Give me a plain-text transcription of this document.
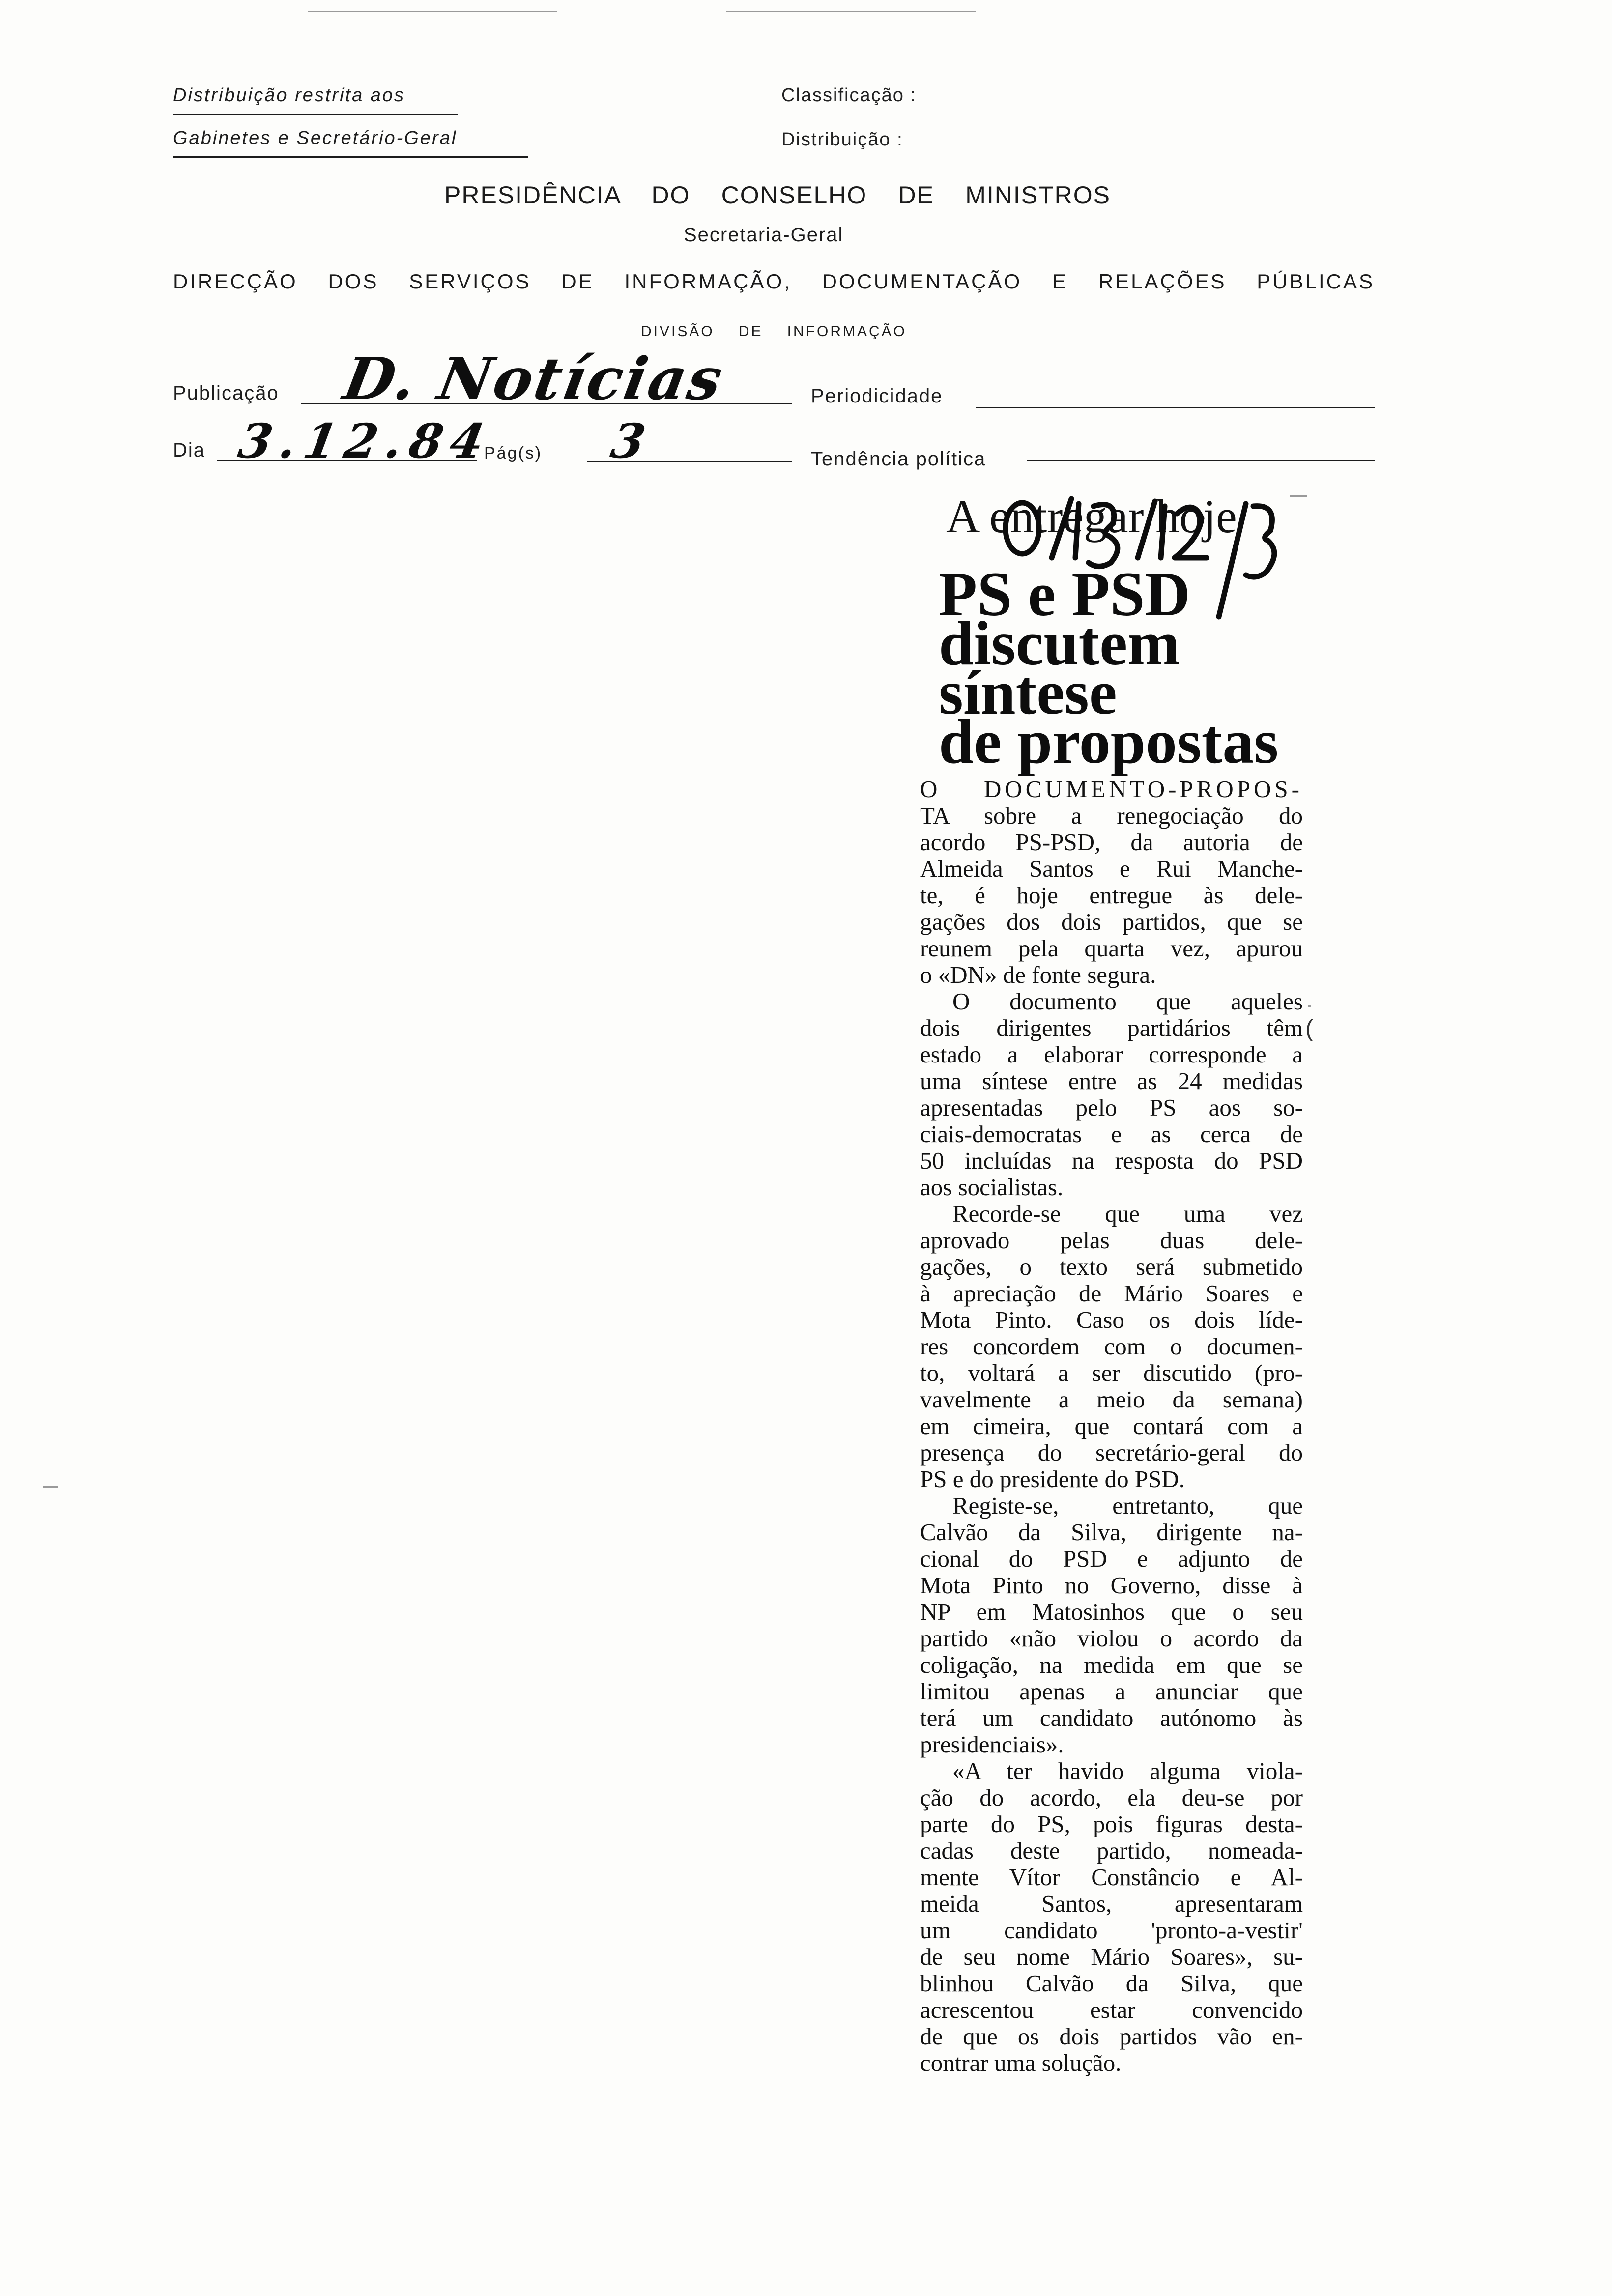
Distribuição restrita aos
Gabinetes e Secretário-Geral
Classificação :
Distribuição :
PRESIDÊNCIA DO CONSELHO DE MINISTROS
Secretaria-Geral
DIRECÇÃO DOS SERVIÇOS DE INFORMAÇÃO, DOCUMENTAÇÃO E RELAÇÕES PÚBLICAS
DIVISÃO DE INFORMAÇÃO
Publicação D. Notícias	Periodicidade
Dia 3.12.84
Pág(s) 3	Tendência política
(
A entregar hoje
PS e PSD
discutem
síntese
de propostas
O DOCUMENTO-PROPOS-
TA sobre a renegociação do
acordo PS-PSD, da autoria de
Almeida Santos e Rui Manche-
te, é hoje entregue às dele-
gações dos dois partidos, que se
reunem pela quarta vez, apurou
o «DN» de fonte segura.
O documento que aqueles
dois dirigentes partidários têm
estado a elaborar corresponde a
uma síntese entre as 24 medidas
apresentadas pelo PS aos so-
ciais-democratas e as cerca de
50 incluídas na resposta do PSD
aos socialistas.
Recorde-se que uma vez
aprovado pelas duas dele-
gações, o texto será submetido
à apreciação de Mário Soares e
Mota Pinto. Caso os dois líde-
res concordem com o documen-
to, voltará a ser discutido (pro-
vavelmente a meio da semana)
em cimeira, que contará com a
presença do secretário-geral do
PS e do presidente do PSD.
Registe-se, entretanto, que
Calvão da Silva, dirigente na-
cional do PSD e adjunto de
Mota Pinto no Governo, disse à
NP em Matosinhos que o seu
partido «não violou o acordo da
coligação, na medida em que se
limitou apenas a anunciar que
terá um candidato autónomo às
presidenciais».
«A ter havido alguma viola-
ção do acordo, ela deu-se por
parte do PS, pois figuras desta-
cadas deste partido, nomeada-
mente Vítor Constâncio e Al-
meida Santos, apresentaram
um candidato 'pronto-a-vestir'
de seu nome Mário Soares», su-
blinhou Calvão da Silva, que
acrescentou estar convencido
de que os dois partidos vão en-
contrar uma solução.
